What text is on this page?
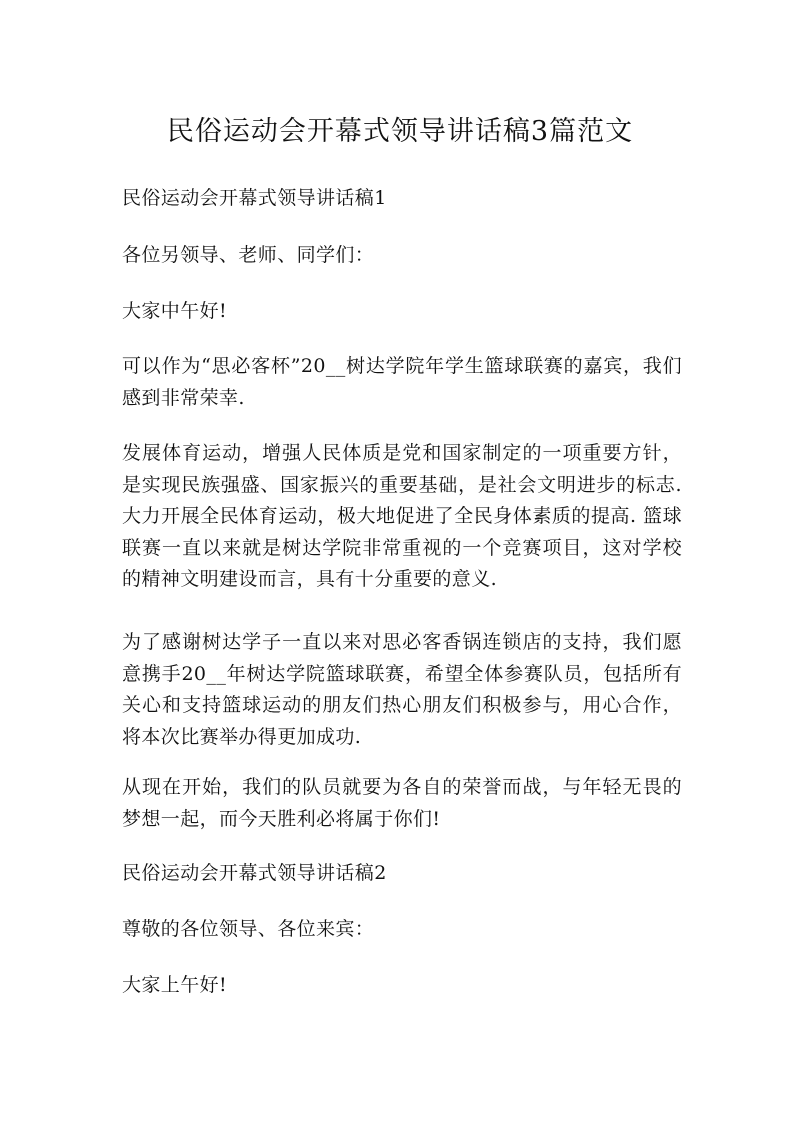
民俗运动会开幕式领导讲话稿3篇范文

民俗运动会开幕式领导讲话稿1

各位另领导、老师、同学们：

大家中午好!

可以作为“思必客杯”20__树达学院年学生篮球联赛的嘉宾，我们感到非常荣幸.

发展体育运动，增强人民体质是党和国家制定的一项重要方针，是实现民族强盛、国家振兴的重要基础，是社会文明进步的标志. 大力开展全民体育运动，极大地促进了全民身体素质的提高. 篮球联赛一直以来就是树达学院非常重视的一个竞赛项目，这对学校的精神文明建设而言，具有十分重要的意义.

为了感谢树达学子一直以来对思必客香锅连锁店的支持，我们愿意携手20__年树达学院篮球联赛，希望全体参赛队员，包括所有关心和支持篮球运动的朋友们热心朋友们积极参与，用心合作，将本次比赛举办得更加成功.

从现在开始，我们的队员就要为各自的荣誉而战，与年轻无畏的梦想一起，而今天胜利必将属于你们!

民俗运动会开幕式领导讲话稿2

尊敬的各位领导、各位来宾：

大家上午好!
